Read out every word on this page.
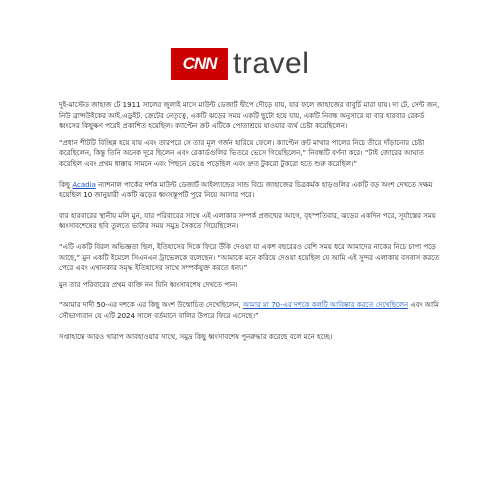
CNN travel

দুই-মাস্টেড জাহাজ টে 1911 সালের জুলাই মাসে মাউন্ট ডেজার্ট দ্বীপে দৌড়ে যায়, যার ফলে জাহাজের বাবুর্চি মারা যায়। দা টে, সেন্ট জন, নিউ ব্রান্সউইকের আই.এডুইট. ক্রেটের নেতৃত্বে, একটি ঝড়ের সময় একটি ছুটো হয়ে যায়, একটি নিবন্ধ অনুসারে যা বার হারবার রেকর্ড ধ্বংসের কিছুক্ষণ পরেই প্রকাশিত হয়েছিল। ক্যাপ্টেন ক্রট এটিকে পোতাশ্রয়ে যাওয়ার ব্যর্থ চেষ্টা করেছিলেন।

“প্রধান শীটটি বিচ্ছিন্ন হয়ে যায় এবং তারপরে সে তার মূল গর্জন হারিয়ে ফেলে। ক্যাপ্টেন ক্রট মাথার পালের নিচে তীরে দাঁড়ানোর চেষ্টা করেছিলেন, কিন্তু তিনি অনেক দূরে ছিলেন এবং রেকার্ডগুলির ভিতরে ভেসে গিয়েছিলেন,” নিবন্ধটি বর্ণনা করে। “টাই জোরের আঘাত করেছিল এবং প্রথম ধাক্কায় সামনে এবং পিছনে ভেঙে পড়েছিল এবং দ্রুত টুকরো টুকরো হতে শুরু করেছিল।”

কিছু Acadia ন্যাশনাল পার্কের দর্শক মাউন্ট ডেজার্ট আইল্যান্ডের সান্ড বিচে জাহাজের চিত্রকর্মক হাড়গুলির একটি বড় অংশ দেখতে সক্ষম হয়েছিল 10 জানুয়ারী একটি ঝড়ের ধ্বংসস্তূপটি পুরে নিয়ে আসার পরে।

বার হারবারের স্থানীয় মলি মুন, যার পরিবারের সাথে এই এলাকার সম্পর্ক প্রজন্মের আগে, বৃহস্পতিবার, ঝড়ের একদিন পরে, সূর্যাস্তের সময় ধ্বংসাবশেষের ছবি তুলতে ভাটার সময় সমুদ্র সৈকতে গিয়েছিলেন।

“এটি একটি বিরল অভিজ্ঞতা ছিল, ইতিহাসের দিকে ফিরে উঁকি দেওয়া যা একশ বছরেরও বেশি সময় ধরে আমাদের নাকের নিচে চাপা পড়ে আছে,” মুন একটি ইমেলে সিএনএন ট্রাভেলকে বলেছেন। “আমাকে মনে করিয়ে দেওয়া হয়েছিল যে আমি এই সুন্দর এলাকায় বসবাস করতে পেরে এবং এখানকার সমৃদ্ধ ইতিহাসের সাথে সম্পর্কযুক্ত করতে ধন্য।”

মুন তার পরিবারের প্রথম ব্যক্তি নন যিনি ধ্বংসাবশেষ দেখতে পান।

“আমার দাদী 50-এর দশকে এর কিছু অংশ উন্মোচিত দেখেছিলেন, আমার মা 70-এর দশকে কলটি আবিষ্কার করতে দেখেছিলেন এবং আমি সৌভাগ্যবান যে এটি 2024 সালে বর্তমানে বালির উপরে ফিরে এসেছে।”

সপ্তাহান্তে আরও খারাপ আবহাওয়ার সাথে, সমুদ্র কিছু ধ্বংসাবশেষ পুনরুদ্ধার করেছে বলে মনে হচ্ছে।
